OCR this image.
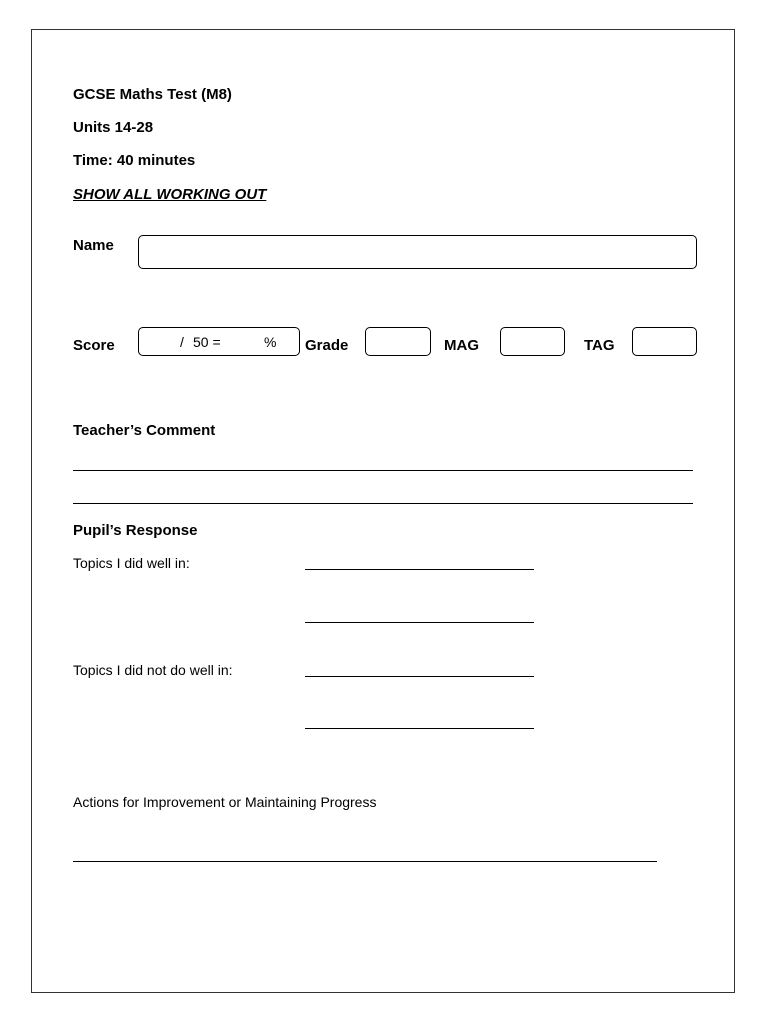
GCSE Maths Test (M8)
Units 14-28
Time: 40 minutes
SHOW ALL WORKING OUT
Name
Score	/ 50 =	% Grade	MAG	TAG
Teacher’s Comment
Pupil’s Response
Topics I did well in:
Topics I did not do well in:
Actions for Improvement or Maintaining Progress
